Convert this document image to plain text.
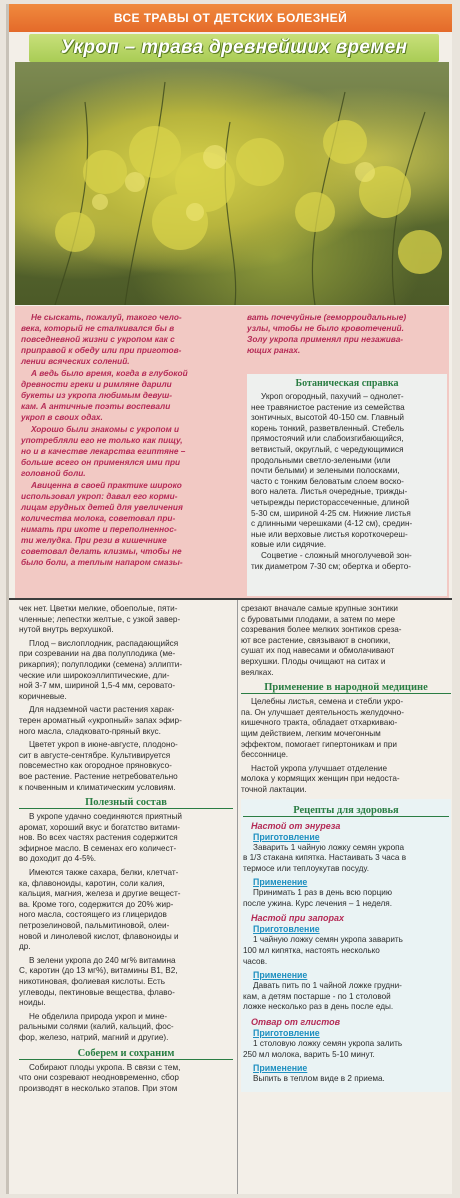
ВСЕ ТРАВЫ ОТ ДЕТСКИХ БОЛЕЗНЕЙ
Укроп – трава древнейших времен

Не сыскать, пожалуй, такого чело-
века, который не сталкивался бы в
повседневной жизни с укропом как с
приправой к обеду или при приготов-
лении всяческих солений.

А ведь было время, когда в глубокой
древности греки и римляне дарили
букеты из укропа любимым девуш-
кам. А античные поэты воспевали
укроп в своих одах.

Хорошо были знакомы с укропом и
употребляли его не только как пищу,
но и в качестве лекарства египтяне –
больше всего он применялся ими при
головной боли.

Авиценна в своей практике широко
использовал укроп: давал его корми-
лицам грудных детей для увеличения
количества молока, советовал при-
нимать при икоте и переполненнос-
ти желудка. При рези в кишечнике
советовал делать клизмы, чтобы не
было боли, а теплым напаром смазы-

вать почечуйные (геморроидальные)
узлы, чтобы не было кровотечений.
Золу укропа применял при незажива-
ющих ранах.

Ботаническая справка

Укроп огородный, пахучий – однолет-
нее травянистое растение из семейства
зонтичных, высотой 40-150 см. Главный
корень тонкий, разветвленный. Стебель
прямостоячий или слабоизгибающийся,
ветвистый, округлый, с чередующимися
продольными светло-зелеными (или
почти белыми) и зелеными полосками,
часто с тонким беловатым слоем воско-
вого налета. Листья очередные, трижды-
четырежды перисторассеченные, длиной
5-30 см, шириной 4-25 см. Нижние листья
с длинными черешками (4-12 см), средин-
ные или верховые листья короткочереш-
ковые или сидячие.

Соцветие - сложный многолучевой зон-
тик диаметром 7-30 см; обертка и оберто-

чек нет. Цветки мелкие, обоеполые, пяти-
членные; лепестки желтые, с узкой завер-
нутой внутрь верхушкой.

Плод – вислоплодник, распадающийся
при созревании на два полуплодика (ме-
рикарпия); полуплодики (семена) эллипти-
ческие или широкоэллиптические, дли-
ной 3-7 мм, шириной 1,5-4 мм, серовато-
коричневые.

Для надземной части растения харак-
терен ароматный «укропный» запах эфир-
ного масла, сладковато-пряный вкус.

Цветет укроп в июне-августе, плодоно-
сит в августе-сентябре. Культивируется
повсеместно как огородное пряновкусо-
вое растение. Растение нетребовательно
к почвенным и климатическим условиям.

Полезный состав

В укропе удачно соединяются приятный
аромат, хороший вкус и богатство витами-
нов. Во всех частях растения содержится
эфирное масло. В семенах его количест-
во доходит до 4-5%.

Имеются также сахара, белки, клетчат-
ка, флавоноиды, каротин, соли калия,
кальция, магния, железа и другие вещест-
ва. Кроме того, содержится до 20% жир-
ного масла, состоящего из глицеридов
петрозелиновой, пальмитиновой, олеи-
новой и линолевой кислот, флавоноиды и
др.

В зелени укропа до 240 мг% витамина
C, каротин (до 13 мг%), витамины B1, B2,
никотиновая, фолиевая кислоты. Есть
углеводы, пектиновые вещества, флаво-
ноиды.

Не обделила природа укроп и мине-
ральными солями (калий, кальций, фос-
фор, железо, натрий, магний и другие).

Соберем и сохраним

Собирают плоды укропа. В связи с тем,
что они созревают неодновременно, сбор
производят в несколько этапов. При этом

срезают вначале самые крупные зонтики
с буроватыми плодами, а затем по мере
созревания более мелких зонтиков среза-
ют все растение, связывают в снопики,
сушат их под навесами и обмолачивают
верхушки. Плоды очищают на ситах и
веялках.

Применение в народной медицине

Целебны листья, семена и стебли укро-
па. Он улучшает деятельность желудочно-
кишечного тракта, обладает отхаркиваю-
щим действием, легким мочегонным
эффектом, помогает гипертоникам и при
бессоннице.

Настой укропа улучшает отделение
молока у кормящих женщин при недоста-
точной лактации.

Рецепты для здоровья
Настой от энуреза
Приготовление

Заварить 1 чайную ложку семян укропа
в 1/3 стакана кипятка. Настаивать 3 часа в
термосе или теплоукутав посуду.

Применение

Принимать 1 раз в день всю порцию
после ужина. Курс лечения – 1 неделя.

Настой при запорах
Приготовление

1 чайную ложку семян укропа заварить
100 мл кипятка, настоять несколько
часов.

Применение

Давать пить по 1 чайной ложке грудни-
кам, а детям постарше - по 1 столовой
ложке несколько раз в день после еды.

Отвар от глистов
Приготовление

1 столовую ложку семян укропа залить
250 мл молока, варить 5-10 минут.

Применение

Выпить в теплом виде в 2 приема.
